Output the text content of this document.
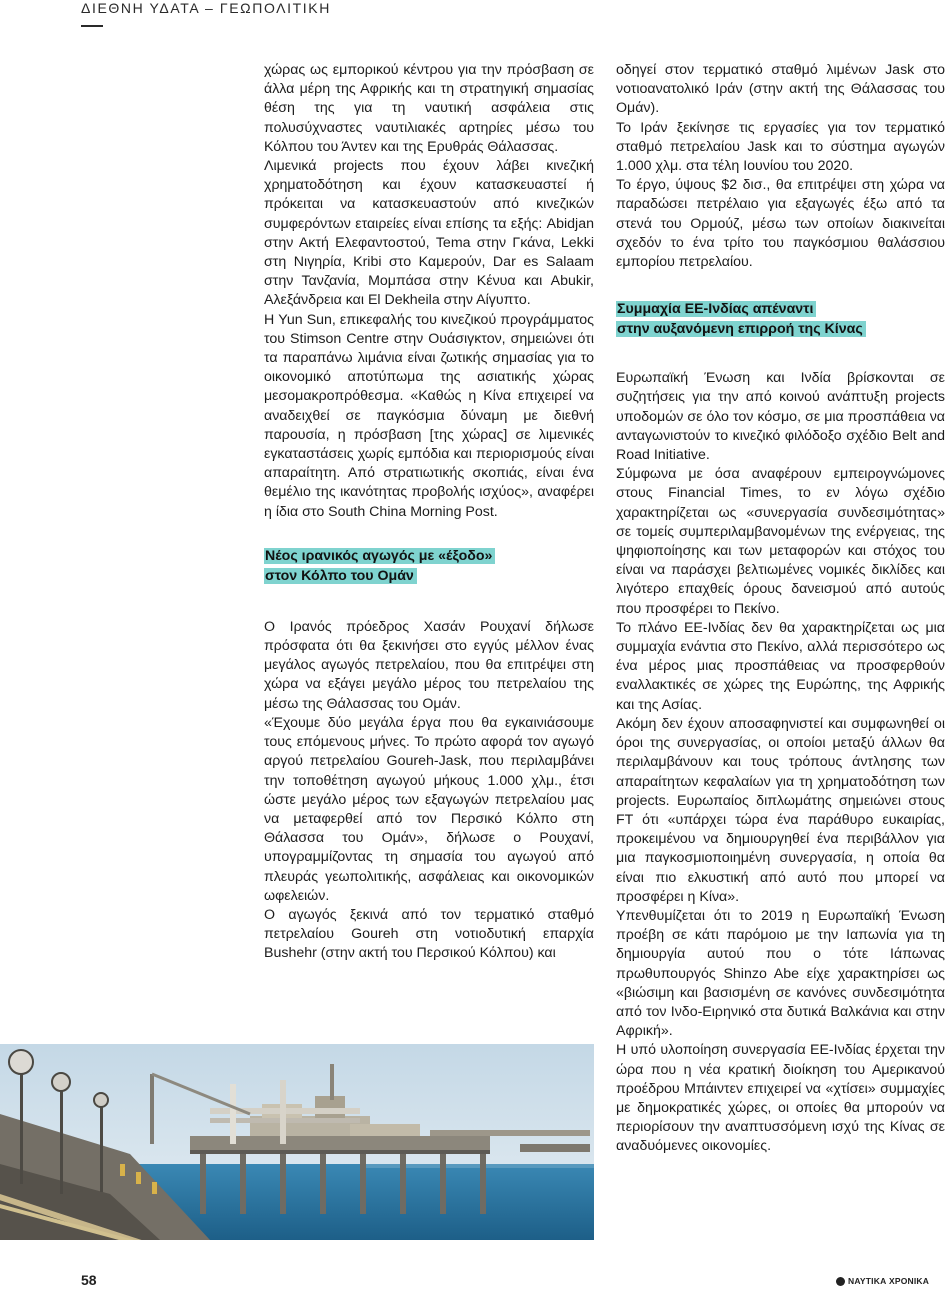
ΔΙΕΘΝΗ ΥΔΑΤΑ – ΓΕΩΠΟΛΙΤΙΚΗ

χώρας ως εμπορικού κέντρου για την πρόσβαση σε άλλα μέρη της Αφρικής και τη στρατηγική σημασίας θέση της για τη ναυτική ασφάλεια στις πολυσύχναστες ναυτιλιακές αρτηρίες μέσω του Κόλπου του Άντεν και της Ερυθράς Θάλασσας.

Λιμενικά projects που έχουν λάβει κινεζική χρηματοδότηση και έχουν κατασκευαστεί ή πρόκειται να κατασκευαστούν από κινεζικών συμφερόντων εταιρείες είναι επίσης τα εξής: Abidjan στην Ακτή Ελεφαντοστού, Tema στην Γκάνα, Lekki στη Νιγηρία, Kribi στο Καμερούν, Dar es Salaam στην Τανζανία, Μομπάσα στην Κένυα και Abukir, Αλεξάνδρεια και El Dekheila στην Αίγυπτο.

Η Yun Sun, επικεφαλής του κινεζικού προγράμματος του Stimson Centre στην Ουάσιγκτον, σημειώνει ότι τα παραπάνω λιμάνια είναι ζωτικής σημασίας για το οικονομικό αποτύπωμα της ασιατικής χώρας μεσομακροπρόθεσμα. «Καθώς η Κίνα επιχειρεί να αναδειχθεί σε παγκόσμια δύναμη με διεθνή παρουσία, η πρόσβαση [της χώρας] σε λιμενικές εγκαταστάσεις χωρίς εμπόδια και περιορισμούς είναι απαραίτητη. Από στρατιωτικής σκοπιάς, είναι ένα θεμέλιο της ικανότητας προβολής ισχύος», αναφέρει η ίδια στο South China Morning Post.

Νέος ιρανικός αγωγός με «έξοδο»
στον Κόλπο του Ομάν

Ο Ιρανός πρόεδρος Χασάν Ρουχανί δήλωσε πρόσφατα ότι θα ξεκινήσει στο εγγύς μέλλον ένας μεγάλος αγωγός πετρελαίου, που θα επιτρέψει στη χώρα να εξάγει μεγάλο μέρος του πετρελαίου της μέσω της Θάλασσας του Ομάν.

«Έχουμε δύο μεγάλα έργα που θα εγκαινιάσουμε τους επόμενους μήνες. Το πρώτο αφορά τον αγωγό αργού πετρελαίου Goureh-Jask, που περιλαμβάνει την τοποθέτηση αγωγού μήκους 1.000 χλμ., έτσι ώστε μεγάλο μέρος των εξαγωγών πετρελαίου μας να μεταφερθεί από τον Περσικό Κόλπο στη Θάλασσα του Ομάν», δήλωσε ο Ρουχανί, υπογραμμίζοντας τη σημασία του αγωγού από πλευράς γεωπολιτικής, ασφάλειας και οικονομικών ωφελειών.

Ο αγωγός ξεκινά από τον τερματικό σταθμό πετρελαίου Goureh στη νοτιοδυτική επαρχία Bushehr (στην ακτή του Περσικού Κόλπου) και

οδηγεί στον τερματικό σταθμό λιμένων Jask στο νοτιοανατολικό Ιράν (στην ακτή της Θάλασσας του Ομάν).

Το Ιράν ξεκίνησε τις εργασίες για τον τερματικό σταθμό πετρελαίου Jask και το σύστημα αγωγών 1.000 χλμ. στα τέλη Ιουνίου του 2020.

Το έργο, ύψους $2 δισ., θα επιτρέψει στη χώρα να παραδώσει πετρέλαιο για εξαγωγές έξω από τα στενά του Ορμούζ, μέσω των οποίων διακινείται σχεδόν το ένα τρίτο του παγκόσμιου θαλάσσιου εμπορίου πετρελαίου.

Συμμαχία ΕΕ-Ινδίας απέναντι
στην αυξανόμενη επιρροή της Κίνας

Ευρωπαϊκή Ένωση και Ινδία βρίσκονται σε συζητήσεις για την από κοινού ανάπτυξη projects υποδομών σε όλο τον κόσμο, σε μια προσπάθεια να ανταγωνιστούν το κινεζικό φιλόδοξο σχέδιο Belt and Road Initiative.

Σύμφωνα με όσα αναφέρουν εμπειρογνώμονες στους Financial Times, το εν λόγω σχέδιο χαρακτηρίζεται ως «συνεργασία συνδεσιμότητας» σε τομείς συμπεριλαμβανομένων της ενέργειας, της ψηφιοποίησης και των μεταφορών και στόχος του είναι να παράσχει βελτιωμένες νομικές δικλίδες και λιγότερο επαχθείς όρους δανεισμού από αυτούς που προσφέρει το Πεκίνο.

Το πλάνο ΕΕ-Ινδίας δεν θα χαρακτηρίζεται ως μια συμμαχία ενάντια στο Πεκίνο, αλλά περισσότερο ως ένα μέρος μιας προσπάθειας να προσφερθούν εναλλακτικές σε χώρες της Ευρώπης, της Αφρικής και της Ασίας.

Ακόμη δεν έχουν αποσαφηνιστεί και συμφωνηθεί οι όροι της συνεργασίας, οι οποίοι μεταξύ άλλων θα περιλαμβάνουν και τους τρόπους άντλησης των απαραίτητων κεφαλαίων για τη χρηματοδότηση των projects. Ευρωπαίος διπλωμάτης σημειώνει στους FT ότι «υπάρχει τώρα ένα παράθυρο ευκαιρίας, προκειμένου να δημιουργηθεί ένα περιβάλλον για μια παγκοσμιοποιημένη συνεργασία, η οποία θα είναι πιο ελκυστική από αυτό που μπορεί να προσφέρει η Κίνα».

Υπενθυμίζεται ότι το 2019 η Ευρωπαϊκή Ένωση προέβη σε κάτι παρόμοιο με την Ιαπωνία για τη δημιουργία αυτού που ο τότε Ιάπωνας πρωθυπουργός Shinzo Abe είχε χαρακτηρίσει ως «βιώσιμη και βασισμένη σε κανόνες συνδεσιμότητα από τον Ινδο-Ειρηνικό στα δυτικά Βαλκάνια και στην Αφρική».

Η υπό υλοποίηση συνεργασία ΕΕ-Ινδίας έρχεται την ώρα που η νέα κρατική διοίκηση του Αμερικανού προέδρου Μπάιντεν επιχειρεί να «χτίσει» συμμαχίες με δημοκρατικές χώρες, οι οποίες θα μπορούν να περιορίσουν την αναπτυσσόμενη ισχύ της Κίνας σε αναδυόμενες οικονομίες.

58	ΝΑΥΤΙΚΑ ΧΡΟΝΙΚΑ
